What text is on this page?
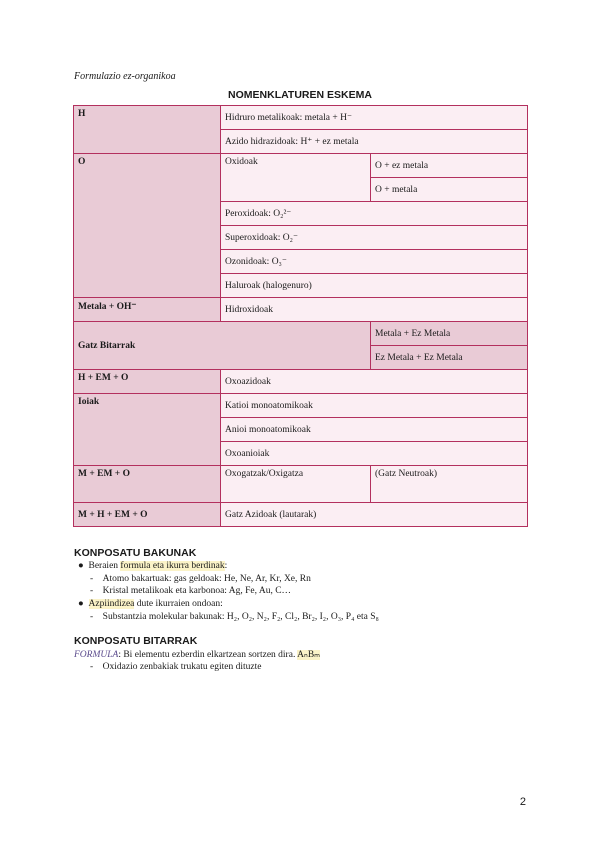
Formulazio ez-organikoa
NOMENKLATUREN ESKEMA
H	Hidruro metalikoak: metala + H⁻	
	Azido hidrazidoak: H⁺ + ez metala	
O	Oxidoak	O + ez metala
		O + metala
	Peroxidoak: O₂²⁻	
	Superoxidoak: O₂⁻	
	Ozonidoak: O₃⁻	
	Haluroak (halogenuro)	
Metala + OH⁻	Hidroxidoak	
Gatz Bitarrak		Metala + Ez Metala
		Ez Metala + Ez Metala
H + EM + O	Oxoazidoak	
Ioiak	Katioi monoatomikoak	
	Anioi monoatomikoak	
	Oxoanioiak	
M + EM + O	Oxogatzak/Oxigatza	(Gatz Neutroak)
M + H + EM + O	Gatz Azidoak (lautarak)	
KONPOSATU BAKUNAK
●  Beraien formula eta ikurra berdinak:
-    Atomo bakartuak: gas geldoak: He, Ne, Ar, Kr, Xe, Rn
-    Kristal metalikoak eta karbonoa: Ag, Fe, Au, C…
●  Azpiindizea dute ikurraien ondoan:
-    Substantzia molekular bakunak: H₂, O₂, N₂, F₂, Cl₂, Br₂, I₂, O₃, P₄ eta S₈
KONPOSATU BITARRAK
FORMULA: Bi elementu ezberdin elkartzean sortzen dira. AₙBₘ
-    Oxidazio zenbakiak trukatu egiten dituzte
2
